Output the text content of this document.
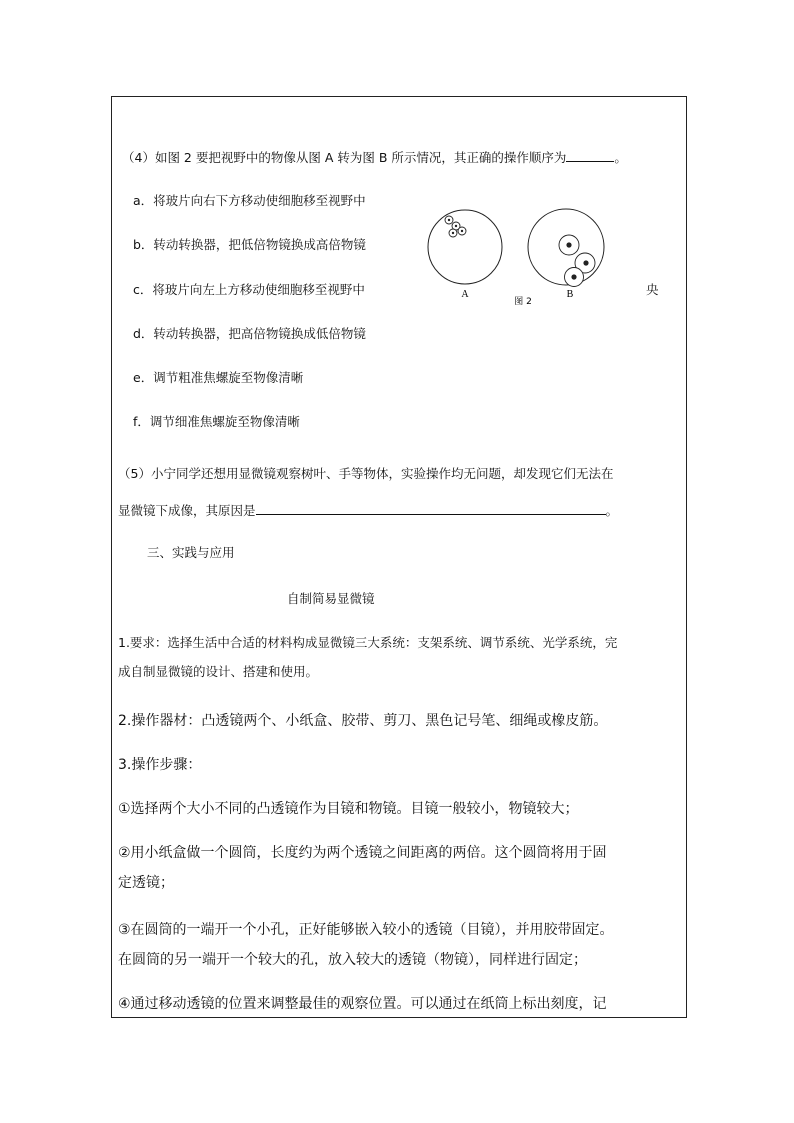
（4）如图 2 要把视野中的物像从图 A 转为图 B 所示情况，其正确的操作顺序为	。
a．将玻片向右下方移动使细胞移至视野中
b．转动转换器，把低倍物镜换成高倍物镜
c．将玻片向左上方移动使细胞移至视野中	央
d．转动转换器，把高倍物镜换成低倍物镜
e．调节粗准焦螺旋至物像清晰
f．调节细准焦螺旋至物像清晰
A	B
图 2
（5）小宁同学还想用显微镜观察树叶、手等物体，实验操作均无问题，却发现它们无法在
显微镜下成像，其原因是	。
三、实践与应用
自制简易显微镜
1.要求：选择生活中合适的材料构成显微镜三大系统：支架系统、调节系统、光学系统，完
成自制显微镜的设计、搭建和使用。
2.操作器材：凸透镜两个、小纸盒、胶带、剪刀、黑色记号笔、细绳或橡皮筋。
3.操作步骤：
①选择两个大小不同的凸透镜作为目镜和物镜。目镜一般较小，物镜较大；
②用小纸盒做一个圆筒，长度约为两个透镜之间距离的两倍。这个圆筒将用于固
定透镜；
③在圆筒的一端开一个小孔，正好能够嵌入较小的透镜（目镜），并用胶带固定。
在圆筒的另一端开一个较大的孔，放入较大的透镜（物镜），同样进行固定；
④通过移动透镜的位置来调整最佳的观察位置。可以通过在纸筒上标出刻度，记
